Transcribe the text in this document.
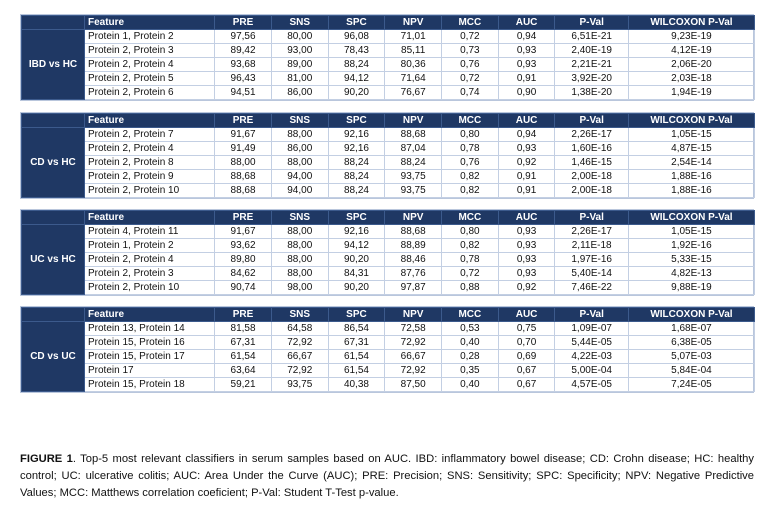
	Feature	PRE	SNS	SPC	NPV	MCC	AUC	P-Val	WILCOXON P-Val
IBD vs HC	Protein 1, Protein 2	97,56	80,00	96,08	71,01	0,72	0,94	6,51E-21	9,23E-19
	Protein 2, Protein 3	89,42	93,00	78,43	85,11	0,73	0,93	2,40E-19	4,12E-19
	Protein 2, Protein 4	93,68	89,00	88,24	80,36	0,76	0,93	2,21E-21	2,06E-20
	Protein 2, Protein 5	96,43	81,00	94,12	71,64	0,72	0,91	3,92E-20	2,03E-18
	Protein 2, Protein 6	94,51	86,00	90,20	76,67	0,74	0,90	1,38E-20	1,94E-19
	Feature	PRE	SNS	SPC	NPV	MCC	AUC	P-Val	WILCOXON P-Val
CD vs HC	Protein 2, Protein 7	91,67	88,00	92,16	88,68	0,80	0,94	2,26E-17	1,05E-15
	Protein 2, Protein 4	91,49	86,00	92,16	87,04	0,78	0,93	1,60E-16	4,87E-15
	Protein 2, Protein 8	88,00	88,00	88,24	88,24	0,76	0,92	1,46E-15	2,54E-14
	Protein 2, Protein 9	88,68	94,00	88,24	93,75	0,82	0,91	2,00E-18	1,88E-16
	Protein 2, Protein 10	88,68	94,00	88,24	93,75	0,82	0,91	2,00E-18	1,88E-16
	Feature	PRE	SNS	SPC	NPV	MCC	AUC	P-Val	WILCOXON P-Val
UC vs HC	Protein 4, Protein 11	91,67	88,00	92,16	88,68	0,80	0,93	2,26E-17	1,05E-15
	Protein 1, Protein 2	93,62	88,00	94,12	88,89	0,82	0,93	2,11E-18	1,92E-16
	Protein 2, Protein 4	89,80	88,00	90,20	88,46	0,78	0,93	1,97E-16	5,33E-15
	Protein 2, Protein 3	84,62	88,00	84,31	87,76	0,72	0,93	5,40E-14	4,82E-13
	Protein 2, Protein 10	90,74	98,00	90,20	97,87	0,88	0,92	7,46E-22	9,88E-19
	Feature	PRE	SNS	SPC	NPV	MCC	AUC	P-Val	WILCOXON P-Val
CD vs UC	Protein 13, Protein 14	81,58	64,58	86,54	72,58	0,53	0,75	1,09E-07	1,68E-07
	Protein 15, Protein 16	67,31	72,92	67,31	72,92	0,40	0,70	5,44E-05	6,38E-05
	Protein 15, Protein 17	61,54	66,67	61,54	66,67	0,28	0,69	4,22E-03	5,07E-03
	Protein 17	63,64	72,92	61,54	72,92	0,35	0,67	5,00E-04	5,84E-04
	Protein 15, Protein 18	59,21	93,75	40,38	87,50	0,40	0,67	4,57E-05	7,24E-05

FIGURE 1. Top-5 most relevant classifiers in serum samples based on AUC. IBD: inflammatory bowel disease; CD: Crohn disease; HC: healthy control; UC: ulcerative colitis; AUC: Area Under the Curve (AUC); PRE: Precision; SNS: Sensitivity; SPC: Specificity; NPV: Negative Predictive Values; MCC: Matthews correlation coeficient; P-Val: Student T-Test p-value.
